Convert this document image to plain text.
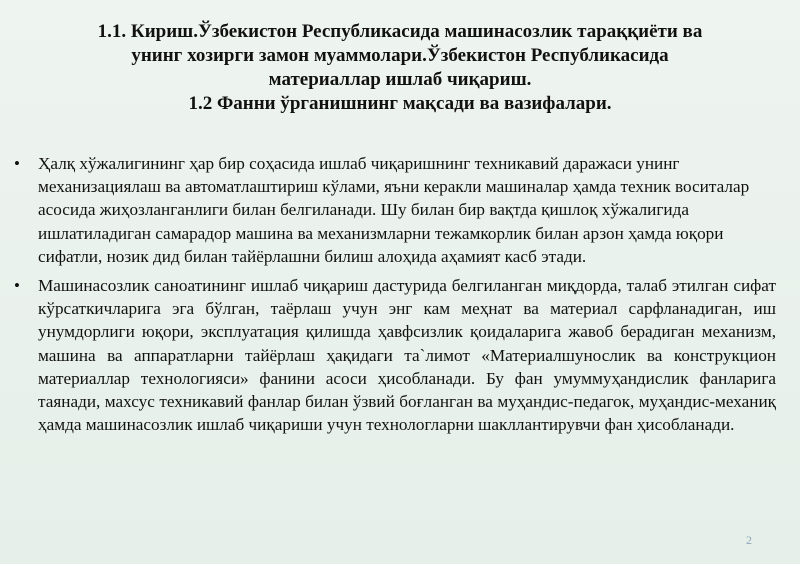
1.1. Кириш.Ўзбекистон Республикасида машинасозлик тараққиёти ва
унинг хозирги замон муаммолари.Ўзбекистон Республикасида
материаллар ишлаб чиқариш.
1.2 Фанни ўрганишнинг мақсади ва вазифалари.
• Ҳалқ хўжалигининг ҳар бир соҳасида ишлаб чиқаришнинг техникавий даражаси унинг механизациялаш ва автоматлаштириш кўлами, яъни керакли машиналар ҳамда техник воситалар асосида жиҳозланганлиги билан белгиланади. Шу билан бир вақтда қишлоқ хўжалигида ишлатиладиган самарадор машина ва механизмларни тежамкорлик билан арзон ҳамда юқори сифатли, нозик дид билан тайёрлашни билиш алоҳида аҳамият касб этади.
• Машинасозлик саноатининг ишлаб чиқариш дастурида белгиланган миқдорда, талаб этилган сифат кўрсаткичларига эга бўлган, таёрлаш учун энг кам меҳнат ва материал сарфланадиган, иш унумдорлиги юқори, эксплуатация қилишда ҳавфсизлик қоидаларига жавоб берадиган механизм, машина ва аппаратларни тайёрлаш ҳақидаги та`лимот «Материалшунослик ва конструкцион материаллар технологияси» фанини асоси ҳисобланади. Бу фан умуммуҳандислик фанларига таянади, махсус техникавий фанлар билан ўзвий боғланган ва муҳандис-педагок, муҳандис-механиқ ҳамда машинасозлик ишлаб чиқариши учун технологларни шакллантирувчи фан ҳисобланади.
2
